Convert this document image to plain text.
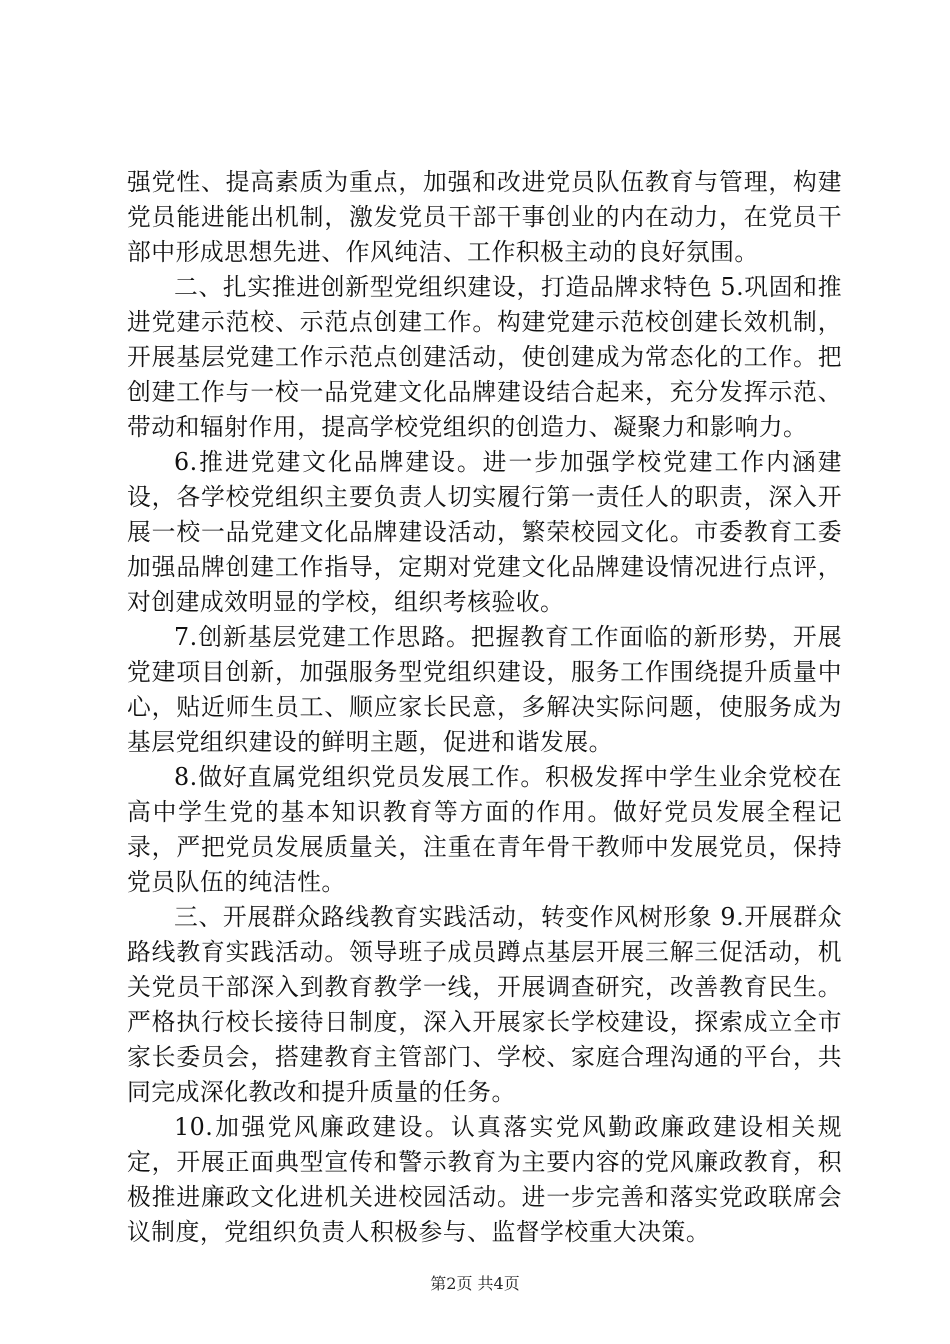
强党性、提高素质为重点，加强和改进党员队伍教育与管理，构建党员能进能出机制，激发党员干部干事创业的内在动力，在党员干部中形成思想先进、作风纯洁、工作积极主动的良好氛围。

二、扎实推进创新型党组织建设，打造品牌求特色 5.巩固和推进党建示范校、示范点创建工作。构建党建示范校创建长效机制，开展基层党建工作示范点创建活动，使创建成为常态化的工作。把创建工作与一校一品党建文化品牌建设结合起来，充分发挥示范、带动和辐射作用，提高学校党组织的创造力、凝聚力和影响力。

6.推进党建文化品牌建设。进一步加强学校党建工作内涵建设，各学校党组织主要负责人切实履行第一责任人的职责，深入开展一校一品党建文化品牌建设活动，繁荣校园文化。市委教育工委加强品牌创建工作指导，定期对党建文化品牌建设情况进行点评，对创建成效明显的学校，组织考核验收。

7.创新基层党建工作思路。把握教育工作面临的新形势，开展党建项目创新，加强服务型党组织建设，服务工作围绕提升质量中心，贴近师生员工、顺应家长民意，多解决实际问题，使服务成为基层党组织建设的鲜明主题，促进和谐发展。

8.做好直属党组织党员发展工作。积极发挥中学生业余党校在高中学生党的基本知识教育等方面的作用。做好党员发展全程记录，严把党员发展质量关，注重在青年骨干教师中发展党员，保持党员队伍的纯洁性。

三、开展群众路线教育实践活动，转变作风树形象 9.开展群众路线教育实践活动。领导班子成员蹲点基层开展三解三促活动，机关党员干部深入到教育教学一线，开展调查研究，改善教育民生。严格执行校长接待日制度，深入开展家长学校建设，探索成立全市家长委员会，搭建教育主管部门、学校、家庭合理沟通的平台，共同完成深化教改和提升质量的任务。

10.加强党风廉政建设。认真落实党风勤政廉政建设相关规定，开展正面典型宣传和警示教育为主要内容的党风廉政教育，积极推进廉政文化进机关进校园活动。进一步完善和落实党政联席会议制度，党组织负责人积极参与、监督学校重大决策。

第2页 共4页
